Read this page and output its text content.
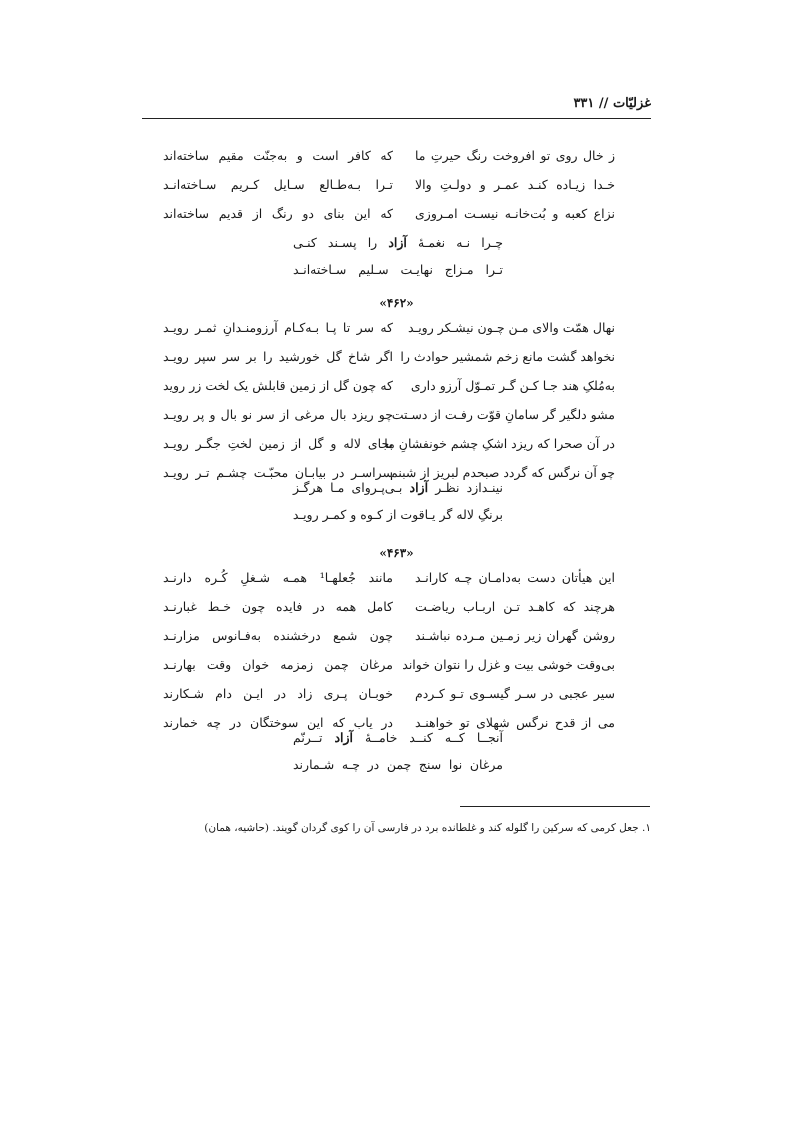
غزلیّات // ۳۳۱
ز خال روی تو افروخت رنگ حیرتِ ما
که کافر است و به‌جنّت مقیم ساخته‌اند
خـدا زیـاده کنـد عمـر و دولـتِ والا
تـرا بـه‌طـالع سـایل کـریم سـاخته‌انـد
نزاع کعبه و بُت‌خانـه نیسـت امـروزی
که این بنای دو رنگ از قدیم ساخته‌اند
چـرا نـه نغمـهٔ آزاد را پسـند کنـی
تـرا مـزاج نهایـت سـلیم سـاخته‌انـد
«۴۶۲»
نهال همّت والای مـن چـون نیشـکر رویـد
که سر تا پـا بـه‌کـام آرزومنـدانِ ثمـر رویـد
نخواهد گشت مانع زخم شمشیر حوادث را
اگر شاخ گل خورشید را بر سر سپر رویـد
به‌مُلکِ هند جـا کـن گـر تمـوّل آرزو داری
که چون گل از زمین قابلش یک لخت زر روید
مشو دلگیر گر سامانِ قوّت رفـت از دسـتت
چو ریزد بال مرغی از سر نو بال و پر رویـد
در آن صحرا که ریزد اشکِ چشم خونفشانِ ما
بجای لاله و گل از زمین لختِ جگـر رویـد
چو آن نرگس که گردد صبحدم لبریز از شبنم
سراسـر در بیابـان محبّـت چشـم تـر رویـد
نینـدازد نظـر آزاد بـی‌پـروای مـا هرگـز
برنگِ لاله گر یـاقوت از کـوه و کمـر رویـد
«۴۶۳»
این هیأتان دست به‌دامـان چـه کارانـد
مانند جُعلهـا¹ همـه شـغلِ کُـره دارنـد
هرچند که کاهـد تـن اربـاب ریاضـت
کامل همه در فایده چون خـط غبارنـد
روشن گهران زیر زمـین مـرده نباشـند
چون شمع درخشنده به‌فـانوس مزارنـد
بی‌وقت خوشی بیت و غزل را نتوان خواند
مرغان چمن زمزمه خوان وقت بهارنـد
سیر عجبی در سـر گیسـوی تـو کـردم
خوبـان پـری زاد در ایـن دام شـکارند
می از قدح نرگس شهلای تو خواهنـد
در یاب که این سوختگان در چه خمارند
آنجــا کــه کنــد خامــهٔ آزاد تــرنّم
مرغان نوا سنج چمن در چـه شـمارند
۱. جعل کرمی که سرکین را گلوله کند و غلطانده برد در فارسی آن را کوی گردان گویند. (حاشیه، همان)
